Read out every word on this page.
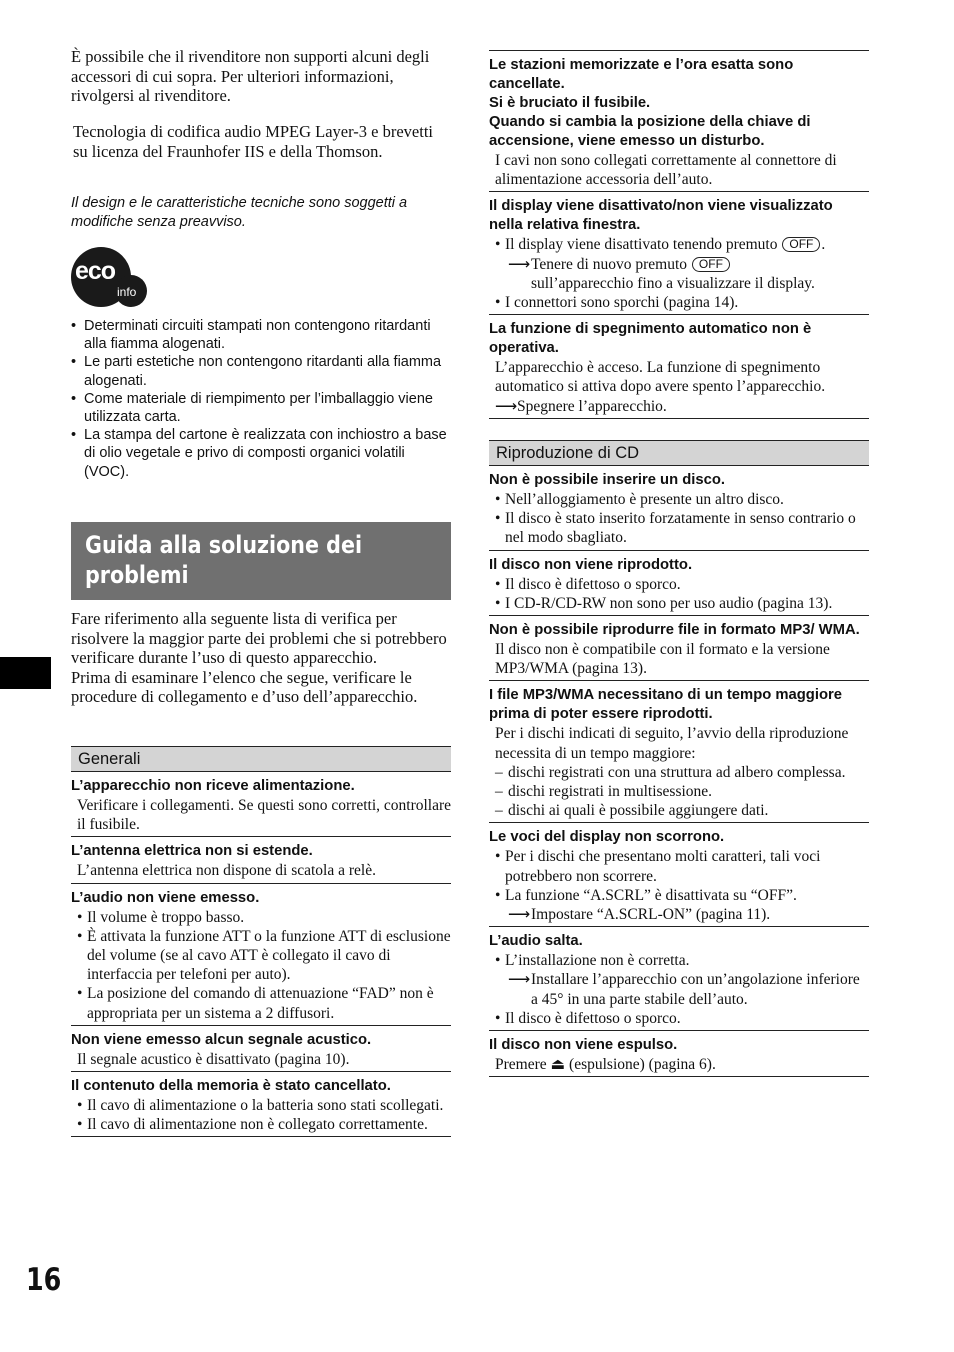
È possibile che il rivenditore non supporti alcuni degli accessori di cui sopra. Per ulteriori informazioni, rivolgersi al rivenditore.
Tecnologia di codifica audio MPEG Layer-3 e brevetti su licenza del Fraunhofer IIS e della Thomson.
Il design e le caratteristiche tecniche sono soggetti a modifiche senza preavviso.
eco
info
• Determinati circuiti stampati non contengono ritardanti alla fiamma alogenati.
• Le parti estetiche non contengono ritardanti alla fiamma alogenati.
• Come materiale di riempimento per l’imballaggio viene utilizzata carta.
• La stampa del cartone è realizzata con inchiostro a base di olio vegetale e privo di composti organici volatili (VOC).
Guida alla soluzione dei problemi
Fare riferimento alla seguente lista di verifica per risolvere la maggior parte dei problemi che si potrebbero verificare durante l’uso di questo apparecchio.
Prima di esaminare l’elenco che segue, verificare le procedure di collegamento e d’uso dell’apparecchio.
Generali
L’apparecchio non riceve alimentazione.
Verificare i collegamenti. Se questi sono corretti, controllare il fusibile.
L’antenna elettrica non si estende.
L’antenna elettrica non dispone di scatola a relè.
L’audio non viene emesso.
• Il volume è troppo basso.
• È attivata la funzione ATT o la funzione ATT di esclusione del volume (se al cavo ATT è collegato il cavo di interfaccia per telefoni per auto).
• La posizione del comando di attenuazione “FAD” non è appropriata per un sistema a 2 diffusori.
Non viene emesso alcun segnale acustico.
Il segnale acustico è disattivato (pagina 10).
Il contenuto della memoria è stato cancellato.
• Il cavo di alimentazione o la batteria sono stati scollegati.
• Il cavo di alimentazione non è collegato correttamente.
Le stazioni memorizzate e l’ora esatta sono cancellate.
Si è bruciato il fusibile.
Quando si cambia la posizione della chiave di accensione, viene emesso un disturbo.
I cavi non sono collegati correttamente al connettore di alimentazione accessoria dell’auto.
Il display viene disattivato/non viene visualizzato nella relativa finestra.
• Il display viene disattivato tenendo premuto OFF .
⟶ Tenere di nuovo premuto OFF
sull’apparecchio fino a visualizzare il display.
• I connettori sono sporchi (pagina 14).
La funzione di spegnimento automatico non è operativa.
L’apparecchio è acceso. La funzione di spegnimento automatico si attiva dopo avere spento l’apparecchio.
⟶ Spegnere l’apparecchio.
Riproduzione di CD
Non è possibile inserire un disco.
• Nell’alloggiamento è presente un altro disco.
• Il disco è stato inserito forzatamente in senso contrario o nel modo sbagliato.
Il disco non viene riprodotto.
• Il disco è difettoso o sporco.
• I CD-R/CD-RW non sono per uso audio (pagina 13).
Non è possibile riprodurre file in formato MP3/ WMA.
Il disco non è compatibile con il formato e la versione MP3/WMA (pagina 13).
I file MP3/WMA necessitano di un tempo maggiore prima di poter essere riprodotti.
Per i dischi indicati di seguito, l’avvio della riproduzione necessita di un tempo maggiore:
– dischi registrati con una struttura ad albero complessa.
– dischi registrati in multisessione.
– dischi ai quali è possibile aggiungere dati.
Le voci del display non scorrono.
• Per i dischi che presentano molti caratteri, tali voci potrebbero non scorrere.
• La funzione “A.SCRL” è disattivata su “OFF”.
⟶ Impostare “A.SCRL-ON” (pagina 11).
L’audio salta.
• L’installazione non è corretta.
⟶ Installare l’apparecchio con un’angolazione inferiore a 45° in una parte stabile dell’auto.
• Il disco è difettoso o sporco.
Il disco non viene espulso.
Premere ⏏ (espulsione) (pagina 6).
16
